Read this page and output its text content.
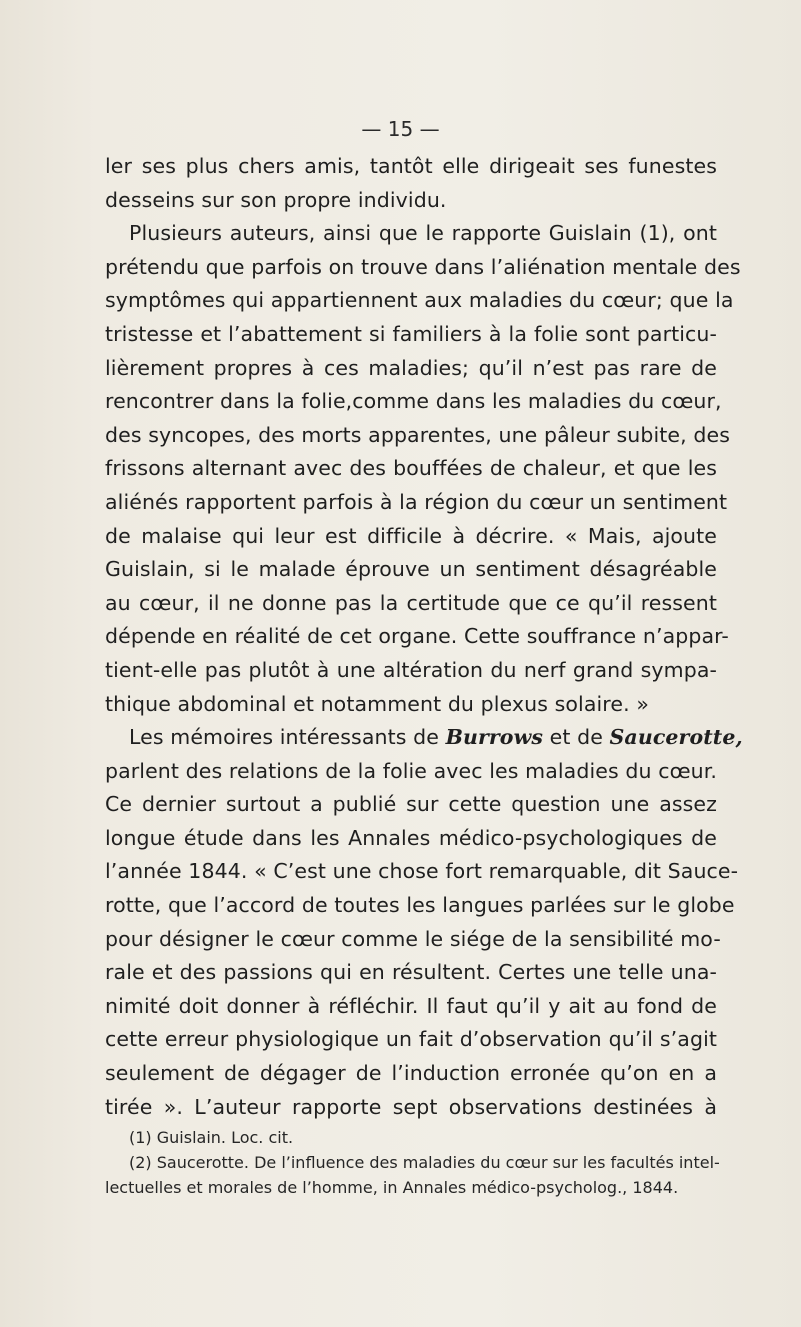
— 15 —
ler ses plus chers amis, tantôt elle dirigeait ses funestes
desseins sur son propre individu.
Plusieurs auteurs, ainsi que le rapporte Guislain (1), ont
prétendu que parfois on trouve dans l’aliénation mentale des
symptômes qui appartiennent aux maladies du cœur; que la
tristesse et l’abattement si familiers à la folie sont particu-
lièrement propres à ces maladies; qu’il n’est pas rare de
rencontrer dans la folie,comme dans les maladies du cœur,
des syncopes, des morts apparentes, une pâleur subite, des
frissons alternant avec des bouffées de chaleur, et que les
aliénés rapportent parfois à la région du cœur un sentiment
de malaise qui leur est difficile à décrire. « Mais, ajoute
Guislain, si le malade éprouve un sentiment désagréable
au cœur, il ne donne pas la certitude que ce qu’il ressent
dépende en réalité de cet organe. Cette souffrance n’appar-
tient-elle pas plutôt à une altération du nerf grand sympa-
thique abdominal et notamment du plexus solaire. »
Les mémoires intéressants de Burrows et de Saucerotte,
parlent des relations de la folie avec les maladies du cœur.
Ce dernier surtout a publié sur cette question une assez
longue étude dans les Annales médico-psychologiques de
l’année 1844. « C’est une chose fort remarquable, dit Sauce-
rotte, que l’accord de toutes les langues parlées sur le globe
pour désigner le cœur comme le siége de la sensibilité mo-
rale et des passions qui en résultent. Certes une telle una-
nimité doit donner à réfléchir. Il faut qu’il y ait au fond de
cette erreur physiologique un fait d’observation qu’il s’agit
seulement de dégager de l’induction erronée qu’on en a
tirée ». L’auteur rapporte sept observations destinées à
(1) Guislain. Loc. cit.
(2) Saucerotte. De l’influence des maladies du cœur sur les facultés intel-
lectuelles et morales de l’homme, in Annales médico-psycholog., 1844.
